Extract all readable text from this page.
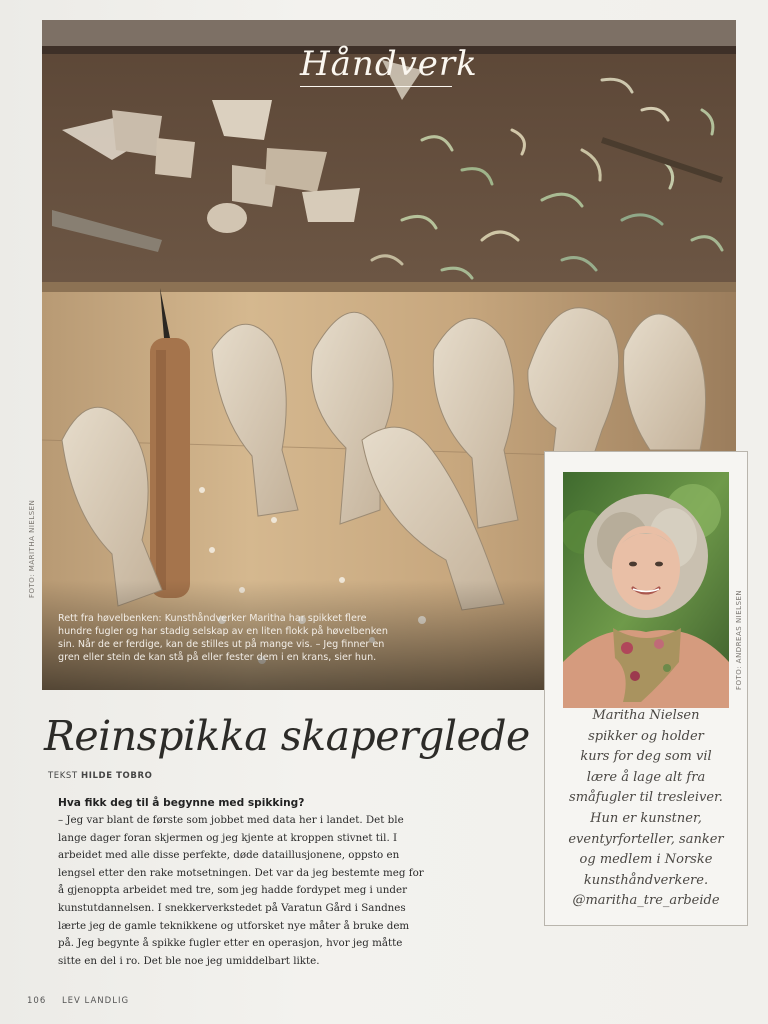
Håndverk
FOTO: MARITHA NIELSEN
Rett fra høvelbenken: Kunsthåndverker Maritha har spikket flere
hundre fugler og har stadig selskap av en liten flokk på høvelbenken
sin. Når de er ferdige, kan de stilles ut på mange vis. – Jeg finner en
gren eller stein de kan stå på eller fester dem i en krans, sier hun.	FOTO: ANDREAS NIELSEN
Maritha Nielsen
spikker og holder
kurs for deg som vil
lære å lage alt fra
småfugler til tresleiver.
Hun er kunstner,
eventyrforteller, sanker
og medlem i Norske
kunsthåndverkere.
@maritha_tre_arbeide
Reinspikka skaperglede
TEKST HILDE TOBRO
Hva fikk deg til å begynne med spikking?
– Jeg var blant de første som jobbet med data her i landet. Det ble
lange dager foran skjermen og jeg kjente at kroppen stivnet til. I
arbeidet med alle disse perfekte, døde dataillusjonene, oppsto en
lengsel etter den rake motsetningen. Det var da jeg bestemte meg for
å gjenoppta arbeidet med tre, som jeg hadde fordypet meg i under
kunstutdannelsen. I snekkerverkstedet på Varatun Gård i Sandnes
lærte jeg de gamle teknikkene og utforsket nye måter å bruke dem
på. Jeg begynte å spikke fugler etter en operasjon, hvor jeg måtte
sitte en del i ro. Det ble noe jeg umiddelbart likte.
106 LEV LANDLIG
